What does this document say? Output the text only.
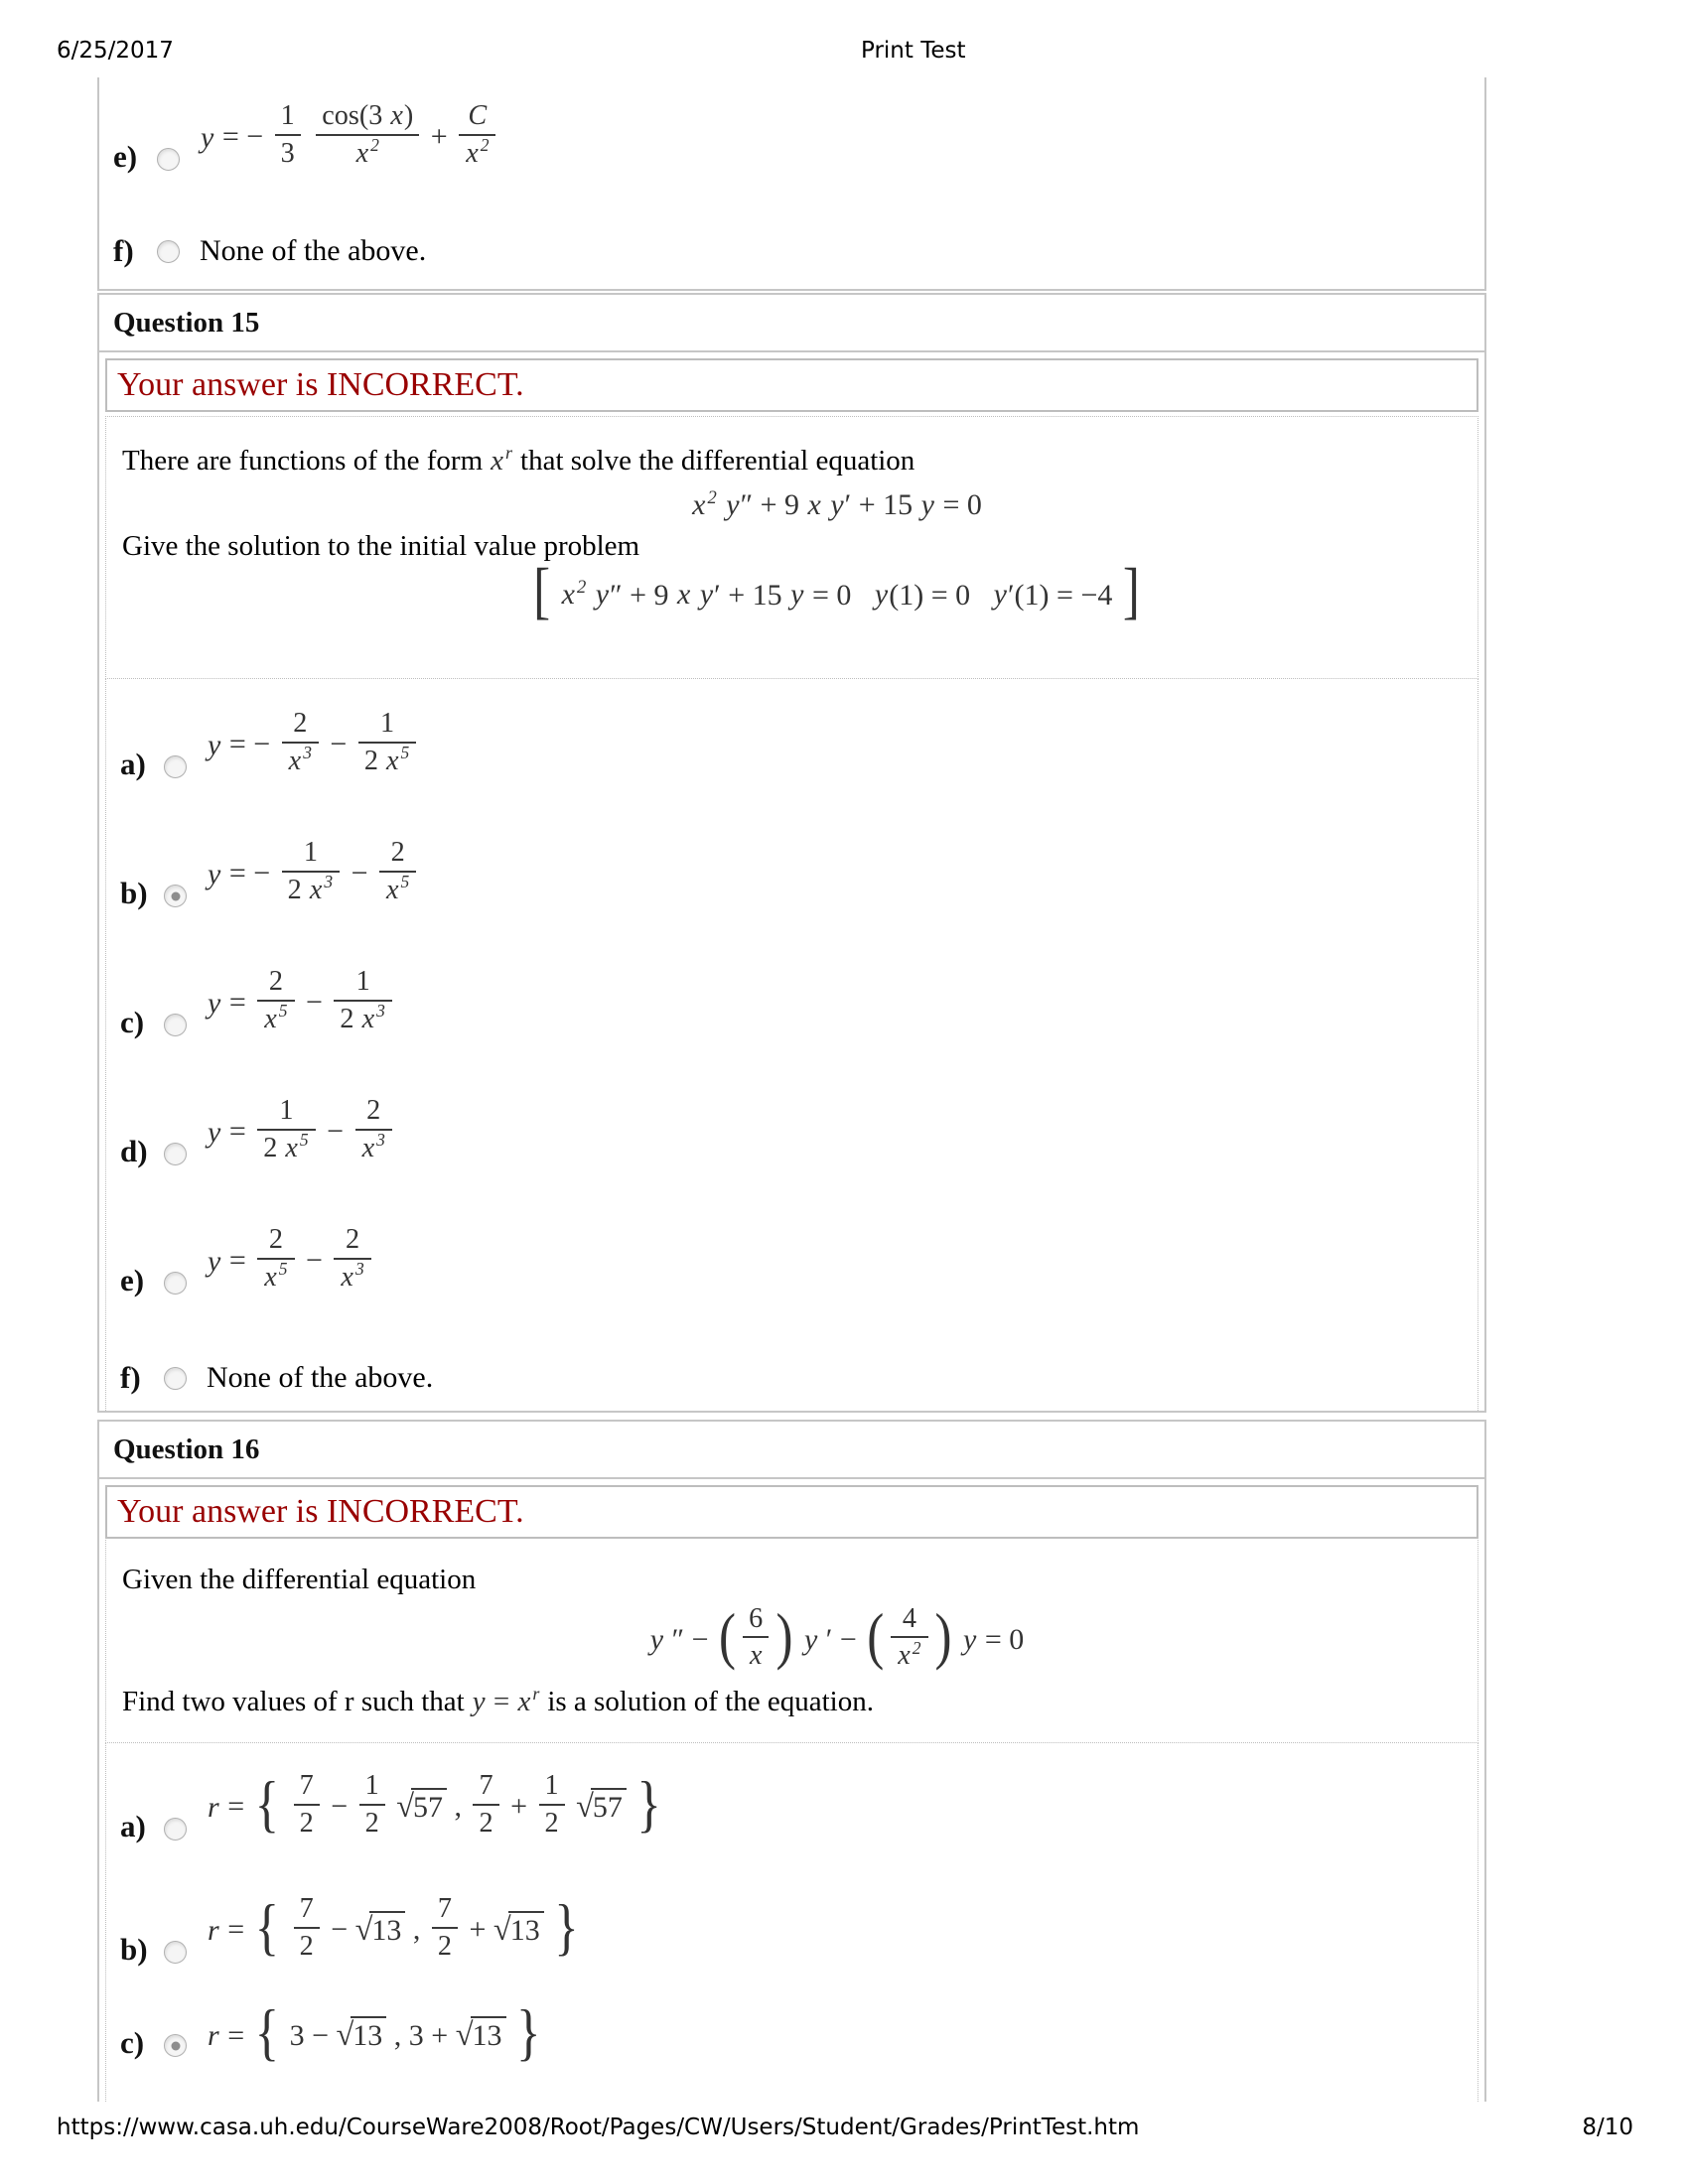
6/25/2017	Print Test
e)
y = − $\frac{1}{3}$
$\frac{\cos(3 x)}{x ^2} + \frac{C}{x ^2}$
f)	None of the above.
Question 15
Your answer is INCORRECT.

There are functions of the form x $^r$ that solve the differential equation

x $^2$ y″ + 9 x y′ + 15 y = 0

Give the solution to the initial value problem

[ x $^2$ y″ + 9 x y′ + 15 y = 0  y(1) = 0  y′(1) = −4 ]
a)
y = − $\frac{2}{x ^3} - \frac{1}{2 x ^5}$
b)
y = − $\frac{1}{2 x ^3} - \frac{2}{x ^5}$
c)
$y = \frac{2}{x ^5} - \frac{1}{2 x ^3}$
d)
$y = \frac{1}{2 x ^5} - \frac{2}{x ^3}$
e)
$y = \frac{2}{x ^5} - \frac{2}{x ^3}$
f)	None of the above.
Question 16
Your answer is INCORRECT.

Given the differential equation

y ″ − ( $\frac{6}{x}$ ) y ′ − ( $\frac{4}{x ^2}$ ) y = 0

Find two values of r such that y = x $^r$ is a solution of the equation.

a)
r = { $\frac{7}{2} - \frac{1}{2} √57$ , $\frac{7}{2} + \frac{1}{2} √57$ }
b)
r = { $\frac{7}{2} - √13$ , $\frac{7}{2} + √13$ }
c)	r = { 3 − √13 , 3 + √13 }
https://www.casa.uh.edu/CourseWare2008/Root/Pages/CW/Users/Student/Grades/PrintTest.htm	8/10
